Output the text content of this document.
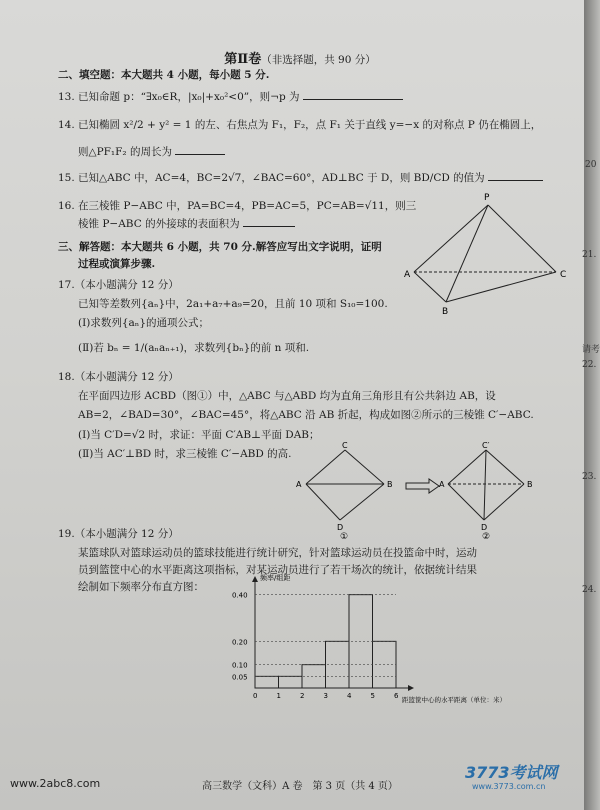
第Ⅱ卷（非选择题，共 90 分）
二、填空题：本大题共 4 小题，每小题 5 分.
13. 已知命题 p：“∃x₀∈R，|x₀|+x₀²<0”，则¬p 为
14. 已知椭圆 x²/2 + y² = 1 的左、右焦点为 F₁，F₂，点 F₁ 关于直线 y=−x 的对称点 P 仍在椭圆上，
则△PF₁F₂ 的周长为
15. 已知△ABC 中，AC=4，BC=2√7，∠BAC=60°，AD⊥BC 于 D，则 BD/CD 的值为
16. 在三棱锥 P−ABC 中，PA=BC=4，PB=AC=5，PC=AB=√11，则三
棱锥 P−ABC 的外接球的表面积为
P
A
B
C
三、解答题：本大题共 6 小题，共 70 分.解答应写出文字说明，证明
过程或演算步骤.
17.（本小题满分 12 分）
已知等差数列{aₙ}中，2a₁+a₇+a₉=20，且前 10 项和 S₁₀=100.
(Ⅰ)求数列{aₙ}的通项公式；
(Ⅱ)若 bₙ = 1/(aₙaₙ₊₁)，求数列{bₙ}的前 n 项和.
18.（本小题满分 12 分）
在平面四边形 ACBD（图①）中，△ABC 与△ABD 均为直角三角形且有公共斜边 AB，设
AB=2，∠BAD=30°，∠BAC=45°，将△ABC 沿 AB 折起，构成如图②所示的三棱锥 C′−ABC.
(Ⅰ)当 C′D=√2 时，求证：平面 C′AB⊥平面 DAB；
(Ⅱ)当 AC′⊥BD 时，求三棱锥 C′−ABD 的高.
C
A	B
D
①
C′
A	B
D
②
19.（本小题满分 12 分）
某篮球队对篮球运动员的篮球技能进行统计研究，针对篮球运动员在投篮命中时，运动
员到篮筐中心的水平距离这项指标，对某运动员进行了若干场次的统计，依据统计结果
绘制如下频率分布直方图：
0.05
0.10
0.20
0.40
0	1	2	3	4	5	6
频率/组距
距篮筐中心的水平距离（单位：米）
高三数学（文科）A 卷　第 3 页（共 4 页）
www.2abc8.com
3773考试网
www.3773.com.cn
20
21.
请考
22.
23.
24.
